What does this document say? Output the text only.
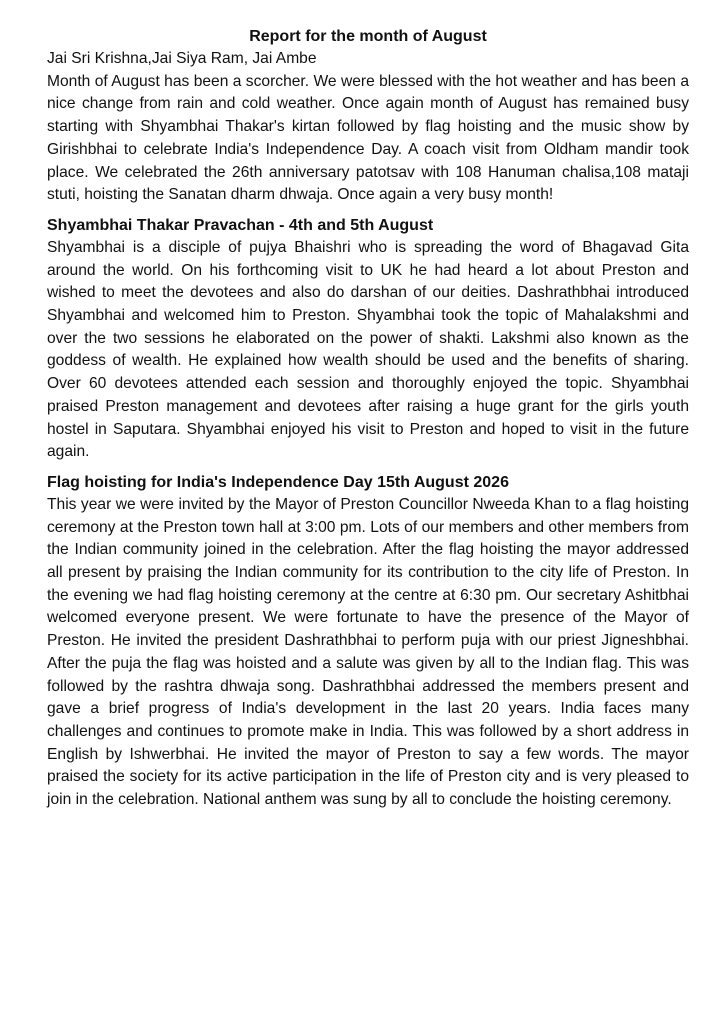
Report for the month of August

Jai Sri Krishna,Jai Siya Ram, Jai Ambe

Month of August has been a scorcher. We were blessed with the hot weather and has been a nice change from rain and cold weather. Once again month of August has remained busy starting with Shyambhai Thakar's kirtan followed by flag hoisting and the music show by Girishbhai to celebrate India's Independence Day. A coach visit from Oldham mandir took place. We celebrated the 26th anniversary patotsav with 108 Hanuman chalisa,108 mataji stuti, hoisting the Sanatan dharm dhwaja. Once again a very busy month!

Shyambhai Thakar Pravachan - 4th and 5th August

Shyambhai is a disciple of pujya Bhaishri who is spreading the word of Bhagavad Gita around the world. On his forthcoming visit to UK he had heard a lot about Preston and wished to meet the devotees and also do darshan of our deities. Dashrathbhai introduced Shyambhai and welcomed him to Preston. Shyambhai took the topic of Mahalakshmi and over the two sessions he elaborated on the power of shakti. Lakshmi also known as the goddess of wealth. He explained how wealth should be used and the benefits of sharing. Over 60 devotees attended each session and thoroughly enjoyed the topic. Shyambhai praised Preston management and devotees after raising a huge grant for the girls youth hostel in Saputara. Shyambhai enjoyed his visit to Preston and hoped to visit in the future again.

Flag hoisting for India's Independence Day 15th August 2026

This year we were invited by the Mayor of Preston Councillor Nweeda Khan to a flag hoisting ceremony at the Preston town hall at 3:00 pm. Lots of our members and other members from the Indian community joined in the celebration. After the flag hoisting the mayor addressed all present by praising the Indian community for its contribution to the city life of Preston. In the evening we had flag hoisting ceremony at the centre at 6:30 pm. Our secretary Ashitbhai welcomed everyone present. We were fortunate to have the presence of the Mayor of Preston. He invited the president Dashrathbhai to perform puja with our priest Jigneshbhai. After the puja the flag was hoisted and a salute was given by all to the Indian flag. This was followed by the rashtra dhwaja song. Dashrathbhai addressed the members present and gave a brief progress of India's development in the last 20 years. India faces many challenges and continues to promote make in India. This was followed by a short address in English by Ishwerbhai. He invited the mayor of Preston to say a few words. The mayor praised the society for its active participation in the life of Preston city and is very pleased to join in the celebration. National anthem was sung by all to conclude the hoisting ceremony.
